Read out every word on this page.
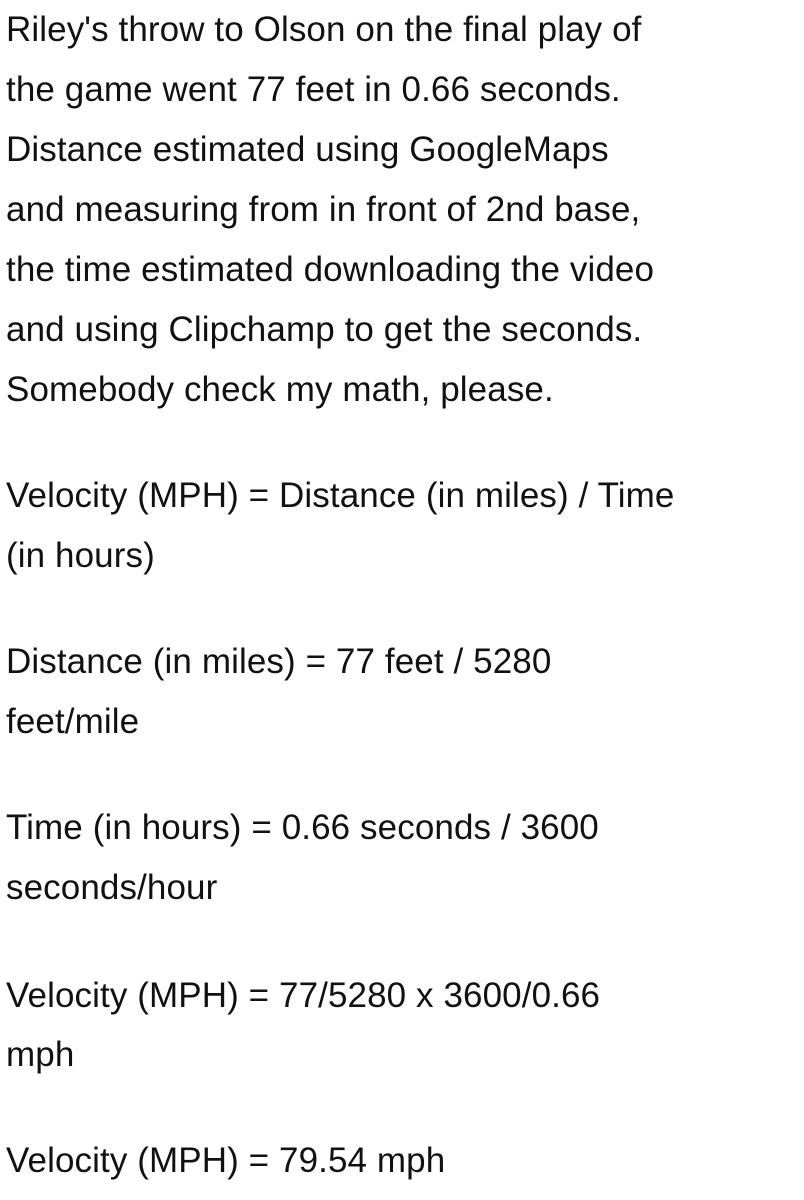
Riley's throw to Olson on the final play of
the game went 77 feet in 0.66 seconds.
Distance estimated using GoogleMaps
and measuring from in front of 2nd base,
the time estimated downloading the video
and using Clipchamp to get the seconds.
Somebody check my math, please.
Velocity (MPH) = Distance (in miles) / Time
(in hours)
Distance (in miles) = 77 feet / 5280
feet/mile
Time (in hours) = 0.66 seconds / 3600
seconds/hour
Velocity (MPH) = 77/5280 x 3600/0.66
mph
Velocity (MPH) = 79.54 mph
